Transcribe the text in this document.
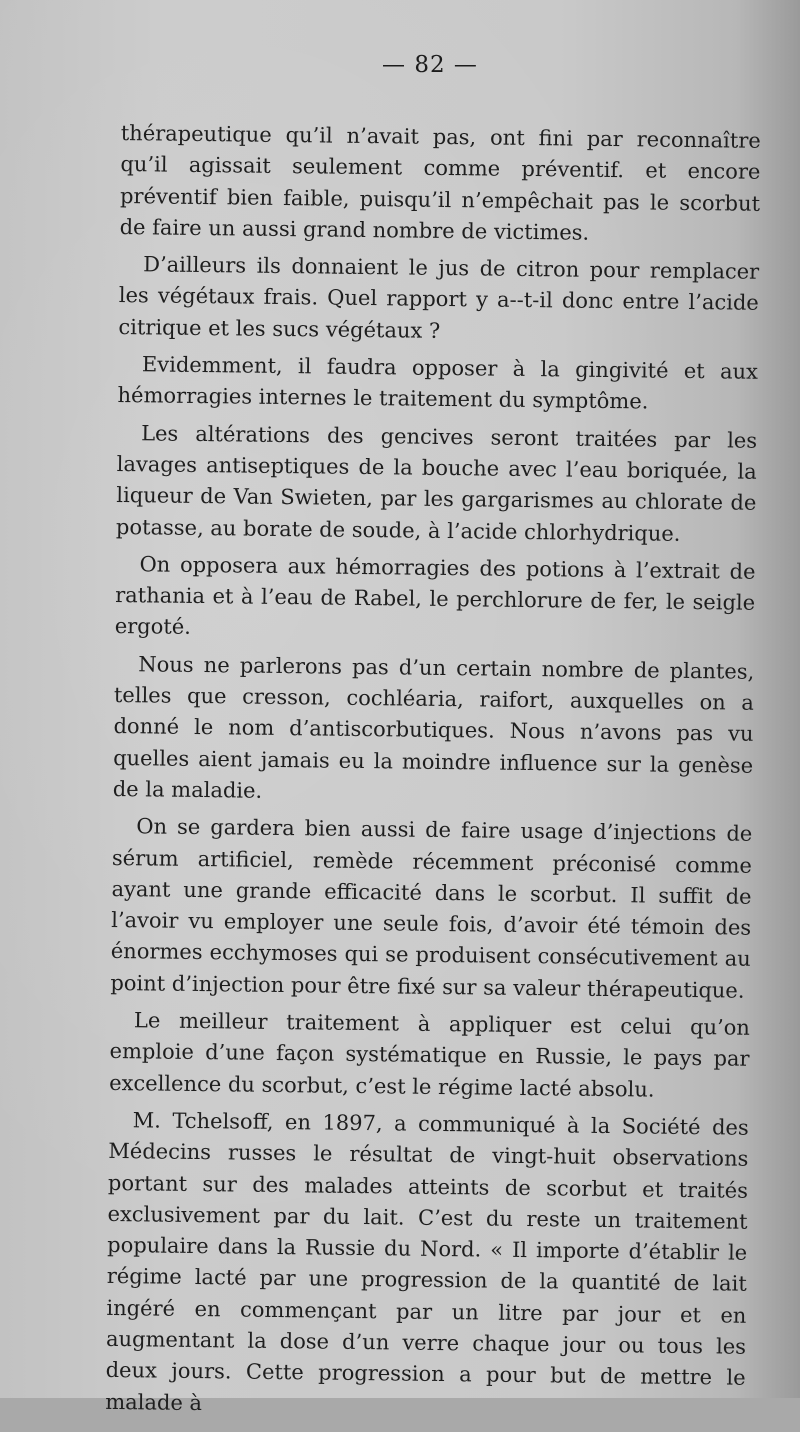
— 82 —

thérapeutique qu’il n’avait pas, ont fini par reconnaître qu’il agissait seulement comme préventif. et encore préventif bien faible, puisqu’il n’empêchait pas le scorbut de faire un aussi grand nombre de victimes.

D’ailleurs ils donnaient le jus de citron pour remplacer les végétaux frais. Quel rapport y a--t-il donc entre l’acide citrique et les sucs végétaux ?

Evidemment, il faudra opposer à la gingivité et aux hémorragies internes le traitement du symptôme.

Les altérations des gencives seront traitées par les lavages antiseptiques de la bouche avec l’eau boriquée, la liqueur de Van Swieten, par les gargarismes au chlorate de potasse, au borate de soude, à l’acide chlorhydrique.

On opposera aux hémorragies des potions à l’extrait de rathania et à l’eau de Rabel, le perchlorure de fer, le seigle ergoté.

Nous ne parlerons pas d’un certain nombre de plantes, telles que cresson, cochléaria, raifort, auxquelles on a donné le nom d’antiscorbutiques. Nous n’avons pas vu quelles aient jamais eu la moindre influence sur la genèse de la maladie.

On se gardera bien aussi de faire usage d’injections de sérum artificiel, remède récemment préconisé comme ayant une grande efficacité dans le scorbut. Il suffit de l’avoir vu employer une seule fois, d’avoir été témoin des énormes ecchymoses qui se produisent consécutivement au point d’injection pour être fixé sur sa valeur thérapeutique.

Le meilleur traitement à appliquer est celui qu’on emploie d’une façon systématique en Russie, le pays par excellence du scorbut, c’est le régime lacté absolu.

M. Tchelsoff, en 1897, a communiqué à la Société des Médecins russes le résultat de vingt-huit observations portant sur des malades atteints de scorbut et traités exclusivement par du lait. C’est du reste un traitement populaire dans la Russie du Nord. « Il importe d’établir le régime lacté par une progression de la quantité de lait ingéré en commençant par un litre par jour et en augmentant la dose d’un verre chaque jour ou tous les deux jours. Cette progression a pour but de mettre le malade à
